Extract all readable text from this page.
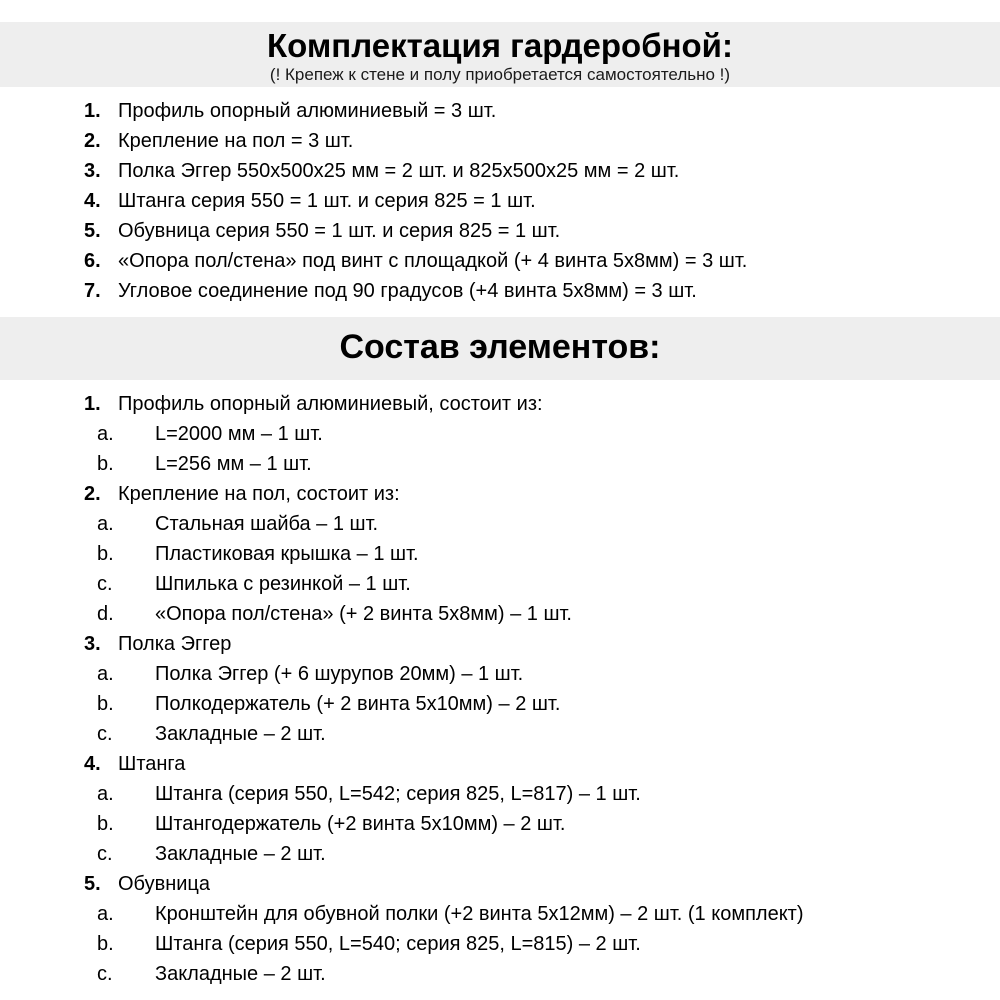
Комплектация гардеробной:

(! Крепеж к стене и полу приобретается самостоятельно !)

1. Профиль опорный алюминиевый = 3 шт.
2. Крепление на пол = 3 шт.
3. Полка Эггер 550х500х25 мм = 2 шт. и 825х500х25 мм = 2 шт.
4. Штанга серия 550 = 1 шт. и серия 825 = 1 шт.
5. Обувница серия 550 = 1 шт. и серия 825 = 1 шт.
6. «Опора пол/стена» под винт с площадкой (+ 4 винта 5х8мм) = 3 шт.
7. Угловое соединение под 90 градусов (+4 винта 5х8мм) = 3 шт.
Состав элементов:
1. Профиль опорный алюминиевый, состоит из:
a.	L=2000 мм – 1 шт.
b.	L=256 мм – 1 шт.
2. Крепление на пол, состоит из:
a.	Стальная шайба – 1 шт.
b.	Пластиковая крышка – 1 шт.
c.	Шпилька с резинкой – 1 шт.
d.	«Опора пол/стена» (+ 2 винта 5х8мм) – 1 шт.
3. Полка Эггер
a.	Полка Эггер (+ 6 шурупов 20мм) – 1 шт.
b.	Полкодержатель (+ 2 винта 5х10мм) – 2 шт.
c.	Закладные – 2 шт.
4. Штанга
a.	Штанга (серия 550, L=542; серия 825, L=817) – 1 шт.
b.	Штангодержатель (+2 винта 5х10мм) – 2 шт.
c.	Закладные – 2 шт.
5. Обувница
a.	Кронштейн для обувной полки (+2 винта 5х12мм) – 2 шт. (1 комплект)
b.	Штанга (серия 550, L=540; серия 825, L=815) – 2 шт.
c.	Закладные – 2 шт.
